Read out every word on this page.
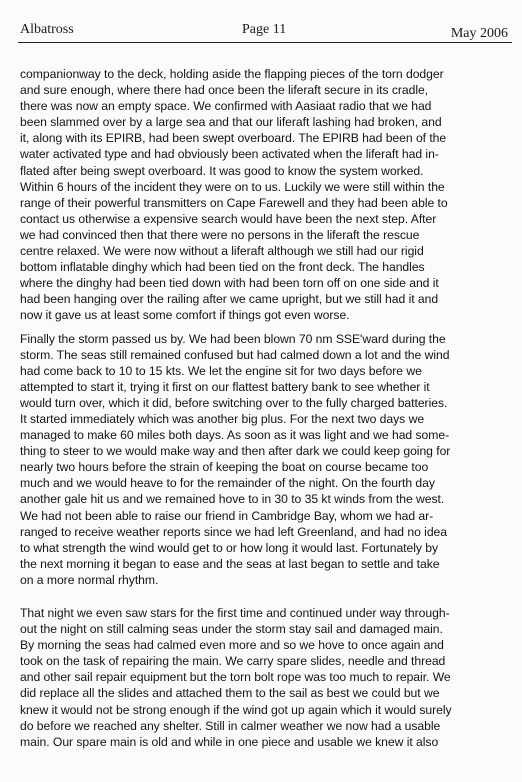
Albatross	Page 11	May 2006

companionway to the deck, holding aside the flapping pieces of the torn dodger
and sure enough, where there had once been the liferaft secure in its cradle,
there was now an empty space. We confirmed with Aasiaat radio that we had
been slammed over by a large sea and that our liferaft lashing had broken, and
it, along with its EPIRB, had been swept overboard. The EPIRB had been of the
water activated type and had obviously been activated when the liferaft had in-
flated after being swept overboard. It was good to know the system worked.
Within 6 hours of the incident they were on to us. Luckily we were still within the
range of their powerful transmitters on Cape Farewell and they had been able to
contact us otherwise a expensive search would have been the next step. After
we had convinced then that there were no persons in the liferaft the rescue
centre relaxed. We were now without a liferaft although we still had our rigid
bottom inflatable dinghy which had been tied on the front deck. The handles
where the dinghy had been tied down with had been torn off on one side and it
had been hanging over the railing after we came upright, but we still had it and
now it gave us at least some comfort if things got even worse.

Finally the storm passed us by. We had been blown 70 nm SSE'ward during the
storm. The seas still remained confused but had calmed down a lot and the wind
had come back to 10 to 15 kts. We let the engine sit for two days before we
attempted to start it, trying it first on our flattest battery bank to see whether it
would turn over, which it did, before switching over to the fully charged batteries.
It started immediately which was another big plus. For the next two days we
managed to make 60 miles both days. As soon as it was light and we had some-
thing to steer to we would make way and then after dark we could keep going for
nearly two hours before the strain of keeping the boat on course became too
much and we would heave to for the remainder of the night. On the fourth day
another gale hit us and we remained hove to in 30 to 35 kt winds from the west.
We had not been able to raise our friend in Cambridge Bay, whom we had ar-
ranged to receive weather reports since we had left Greenland, and had no idea
to what strength the wind would get to or how long it would last. Fortunately by
the next morning it began to ease and the seas at last began to settle and take
on a more normal rhythm.

That night we even saw stars for the first time and continued under way through-
out the night on still calming seas under the storm stay sail and damaged main.
By morning the seas had calmed even more and so we hove to once again and
took on the task of repairing the main. We carry spare slides, needle and thread
and other sail repair equipment but the torn bolt rope was too much to repair. We
did replace all the slides and attached them to the sail as best we could but we
knew it would not be strong enough if the wind got up again which it would surely
do before we reached any shelter. Still in calmer weather we now had a usable
main. Our spare main is old and while in one piece and usable we knew it also
